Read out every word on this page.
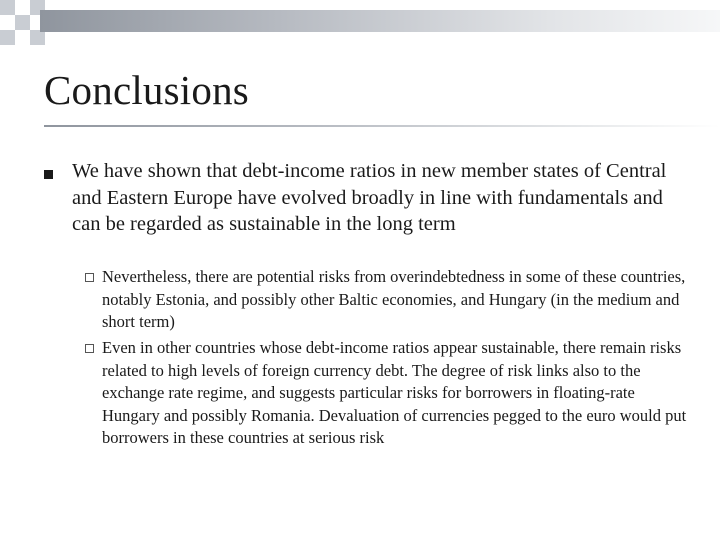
Conclusions
We have shown that debt-income ratios in new member states of Central and Eastern Europe have evolved broadly in line with fundamentals and can be regarded as sustainable in the long term
Nevertheless, there are potential risks from overindebtedness in some of these countries, notably Estonia, and possibly other Baltic economies, and Hungary (in the medium and short term)
Even in other countries whose debt-income ratios appear sustainable, there remain risks related to high levels of foreign currency debt. The degree of risk links also to the exchange rate regime, and suggests particular risks for borrowers in floating-rate Hungary and possibly Romania. Devaluation of currencies pegged to the euro would put borrowers in these countries at serious risk
